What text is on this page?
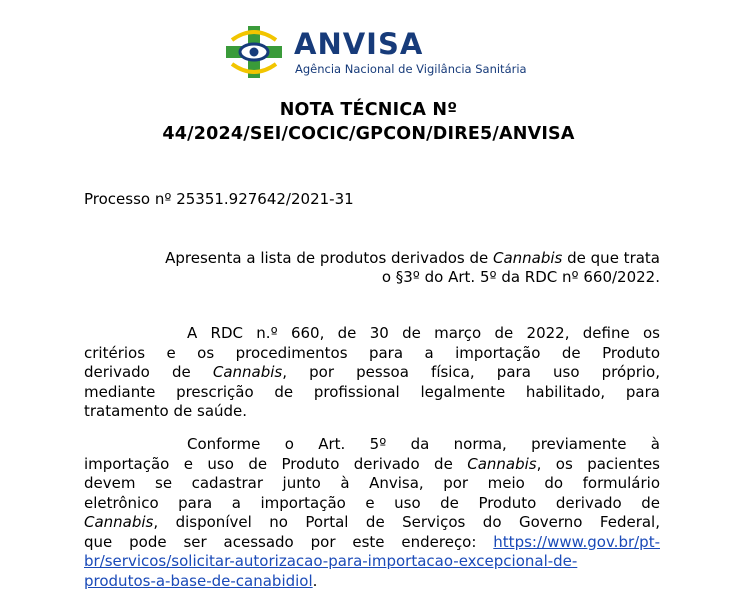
ANVISA
Agência Nacional de Vigilância Sanitária
NOTA TÉCNICA Nº
44/2024/SEI/COCIC/GPCON/DIRE5/ANVISA
Processo nº 25351.927642/2021-31
Apresenta a lista de produtos derivados de Cannabis de que trata
o §3º do Art. 5º da RDC nº 660/2022.
A RDC n.º 660, de 30 de março de 2022, define os
critérios e os procedimentos para a importação de Produto
derivado de Cannabis, por pessoa física, para uso próprio,
mediante prescrição de profissional legalmente habilitado, para
tratamento de saúde.
Conforme o Art. 5º da norma, previamente à
importação e uso de Produto derivado de Cannabis, os pacientes
devem se cadastrar junto à Anvisa, por meio do formulário
eletrônico para a importação e uso de Produto derivado de
Cannabis, disponível no Portal de Serviços do Governo Federal,
que pode ser acessado por este endereço: https://www.gov.br/pt-
br/servicos/solicitar-autorizacao-para-importacao-excepcional-de-
produtos-a-base-de-canabidiol.
